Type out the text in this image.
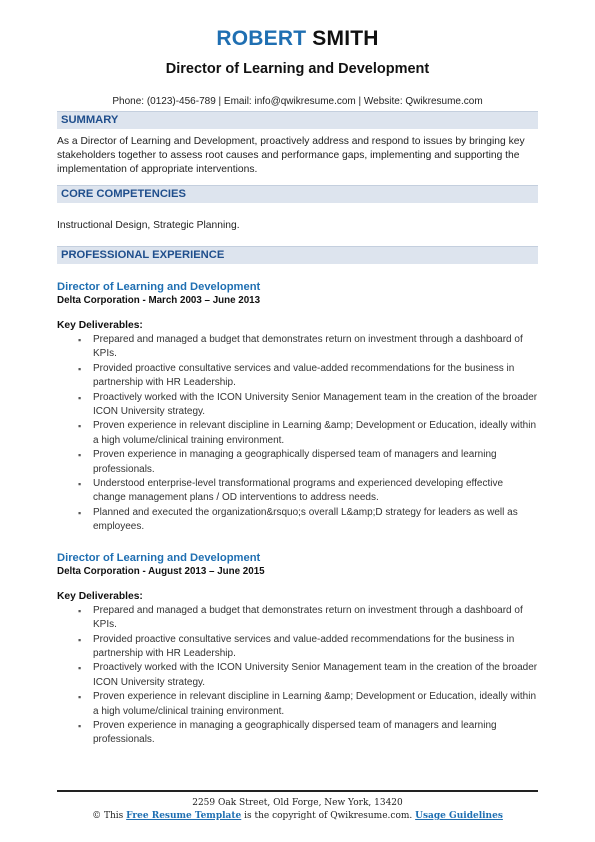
ROBERT SMITH
Director of Learning and Development
Phone: (0123)-456-789 | Email: info@qwikresume.com | Website: Qwikresume.com
SUMMARY
As a Director of Learning and Development, proactively address and respond to issues by bringing key stakeholders together to assess root causes and performance gaps, implementing and supporting the implementation of appropriate interventions.
CORE COMPETENCIES
Instructional Design, Strategic Planning.
PROFESSIONAL EXPERIENCE
Director of Learning and Development
Delta Corporation - March 2003 – June 2013
Key Deliverables:
▪ Prepared and managed a budget that demonstrates return on investment through a dashboard of KPIs.
▪ Provided proactive consultative services and value-added recommendations for the business in partnership with HR Leadership.
▪ Proactively worked with the ICON University Senior Management team in the creation of the broader ICON University strategy.
▪ Proven experience in relevant discipline in Learning &amp; Development or Education, ideally within a high volume/clinical training environment.
▪ Proven experience in managing a geographically dispersed team of managers and learning professionals.
▪ Understood enterprise-level transformational programs and experienced developing effective change management plans / OD interventions to address needs.
▪ Planned and executed the organization&rsquo;s overall L&amp;D strategy for leaders as well as employees.
Director of Learning and Development
Delta Corporation - August 2013 – June 2015
Key Deliverables:
▪ Prepared and managed a budget that demonstrates return on investment through a dashboard of KPIs.
▪ Provided proactive consultative services and value-added recommendations for the business in partnership with HR Leadership.
▪ Proactively worked with the ICON University Senior Management team in the creation of the broader ICON University strategy.
▪ Proven experience in relevant discipline in Learning &amp; Development or Education, ideally within a high volume/clinical training environment.
▪ Proven experience in managing a geographically dispersed team of managers and learning professionals.
2259 Oak Street, Old Forge, New York, 13420
© This Free Resume Template is the copyright of Qwikresume.com. Usage Guidelines
